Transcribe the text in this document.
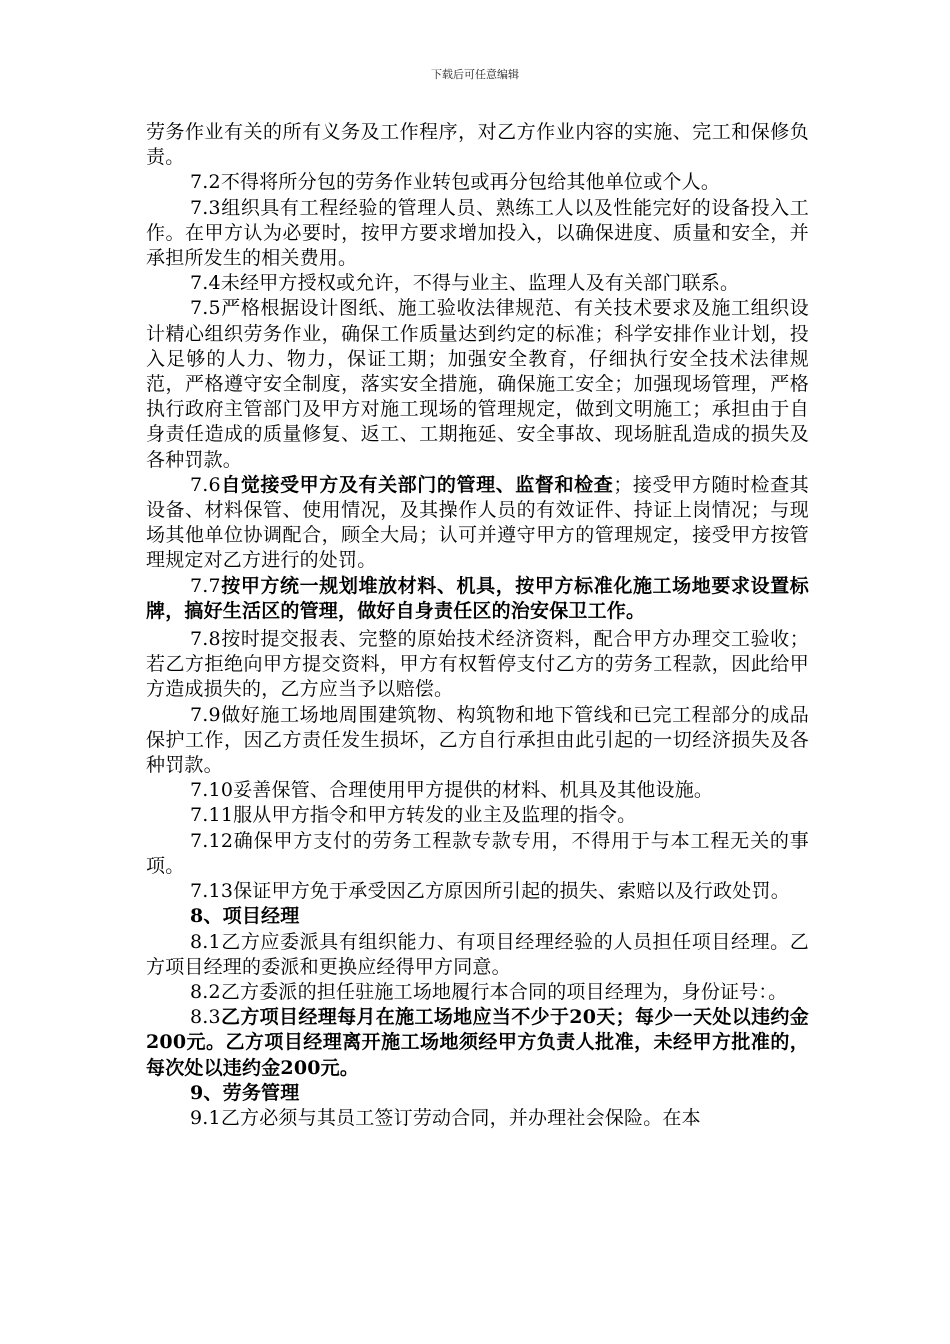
下载后可任意编辑

劳务作业有关的所有义务及工作程序，对乙方作业内容的实施、完工和保修负责。

7.2不得将所分包的劳务作业转包或再分包给其他单位或个人。

7.3组织具有工程经验的管理人员、熟练工人以及性能完好的设备投入工作。在甲方认为必要时，按甲方要求增加投入，以确保进度、质量和安全，并承担所发生的相关费用。

7.4未经甲方授权或允许，不得与业主、监理人及有关部门联系。

7.5严格根据设计图纸、施工验收法律规范、有关技术要求及施工组织设计精心组织劳务作业，确保工作质量达到约定的标准；科学安排作业计划，投入足够的人力、物力，保证工期；加强安全教育，仔细执行安全技术法律规范，严格遵守安全制度，落实安全措施，确保施工安全；加强现场管理，严格执行政府主管部门及甲方对施工现场的管理规定，做到文明施工；承担由于自身责任造成的质量修复、返工、工期拖延、安全事故、现场脏乱造成的损失及各种罚款。

7.6自觉接受甲方及有关部门的管理、监督和检查；接受甲方随时检查其设备、材料保管、使用情况，及其操作人员的有效证件、持证上岗情况；与现场其他单位协调配合，顾全大局；认可并遵守甲方的管理规定，接受甲方按管理规定对乙方进行的处罚。

7.7按甲方统一规划堆放材料、机具，按甲方标准化施工场地要求设置标牌，搞好生活区的管理，做好自身责任区的治安保卫工作。

7.8按时提交报表、完整的原始技术经济资料，配合甲方办理交工验收；若乙方拒绝向甲方提交资料，甲方有权暂停支付乙方的劳务工程款，因此给甲方造成损失的，乙方应当予以赔偿。

7.9做好施工场地周围建筑物、构筑物和地下管线和已完工程部分的成品保护工作，因乙方责任发生损坏，乙方自行承担由此引起的一切经济损失及各种罚款。

7.10妥善保管、合理使用甲方提供的材料、机具及其他设施。

7.11服从甲方指令和甲方转发的业主及监理的指令。

7.12确保甲方支付的劳务工程款专款专用，不得用于与本工程无关的事项。

7.13保证甲方免于承受因乙方原因所引起的损失、索赔以及行政处罚。

8、项目经理

8.1乙方应委派具有组织能力、有项目经理经验的人员担任项目经理。乙方项目经理的委派和更换应经得甲方同意。

8.2乙方委派的担任驻施工场地履行本合同的项目经理为，身份证号：。

8.3乙方项目经理每月在施工场地应当不少于20天；每少一天处以违约金200元。乙方项目经理离开施工场地须经甲方负责人批准，未经甲方批准的，每次处以违约金200元。

9、劳务管理

9.1乙方必须与其员工签订劳动合同，并办理社会保险。在本
